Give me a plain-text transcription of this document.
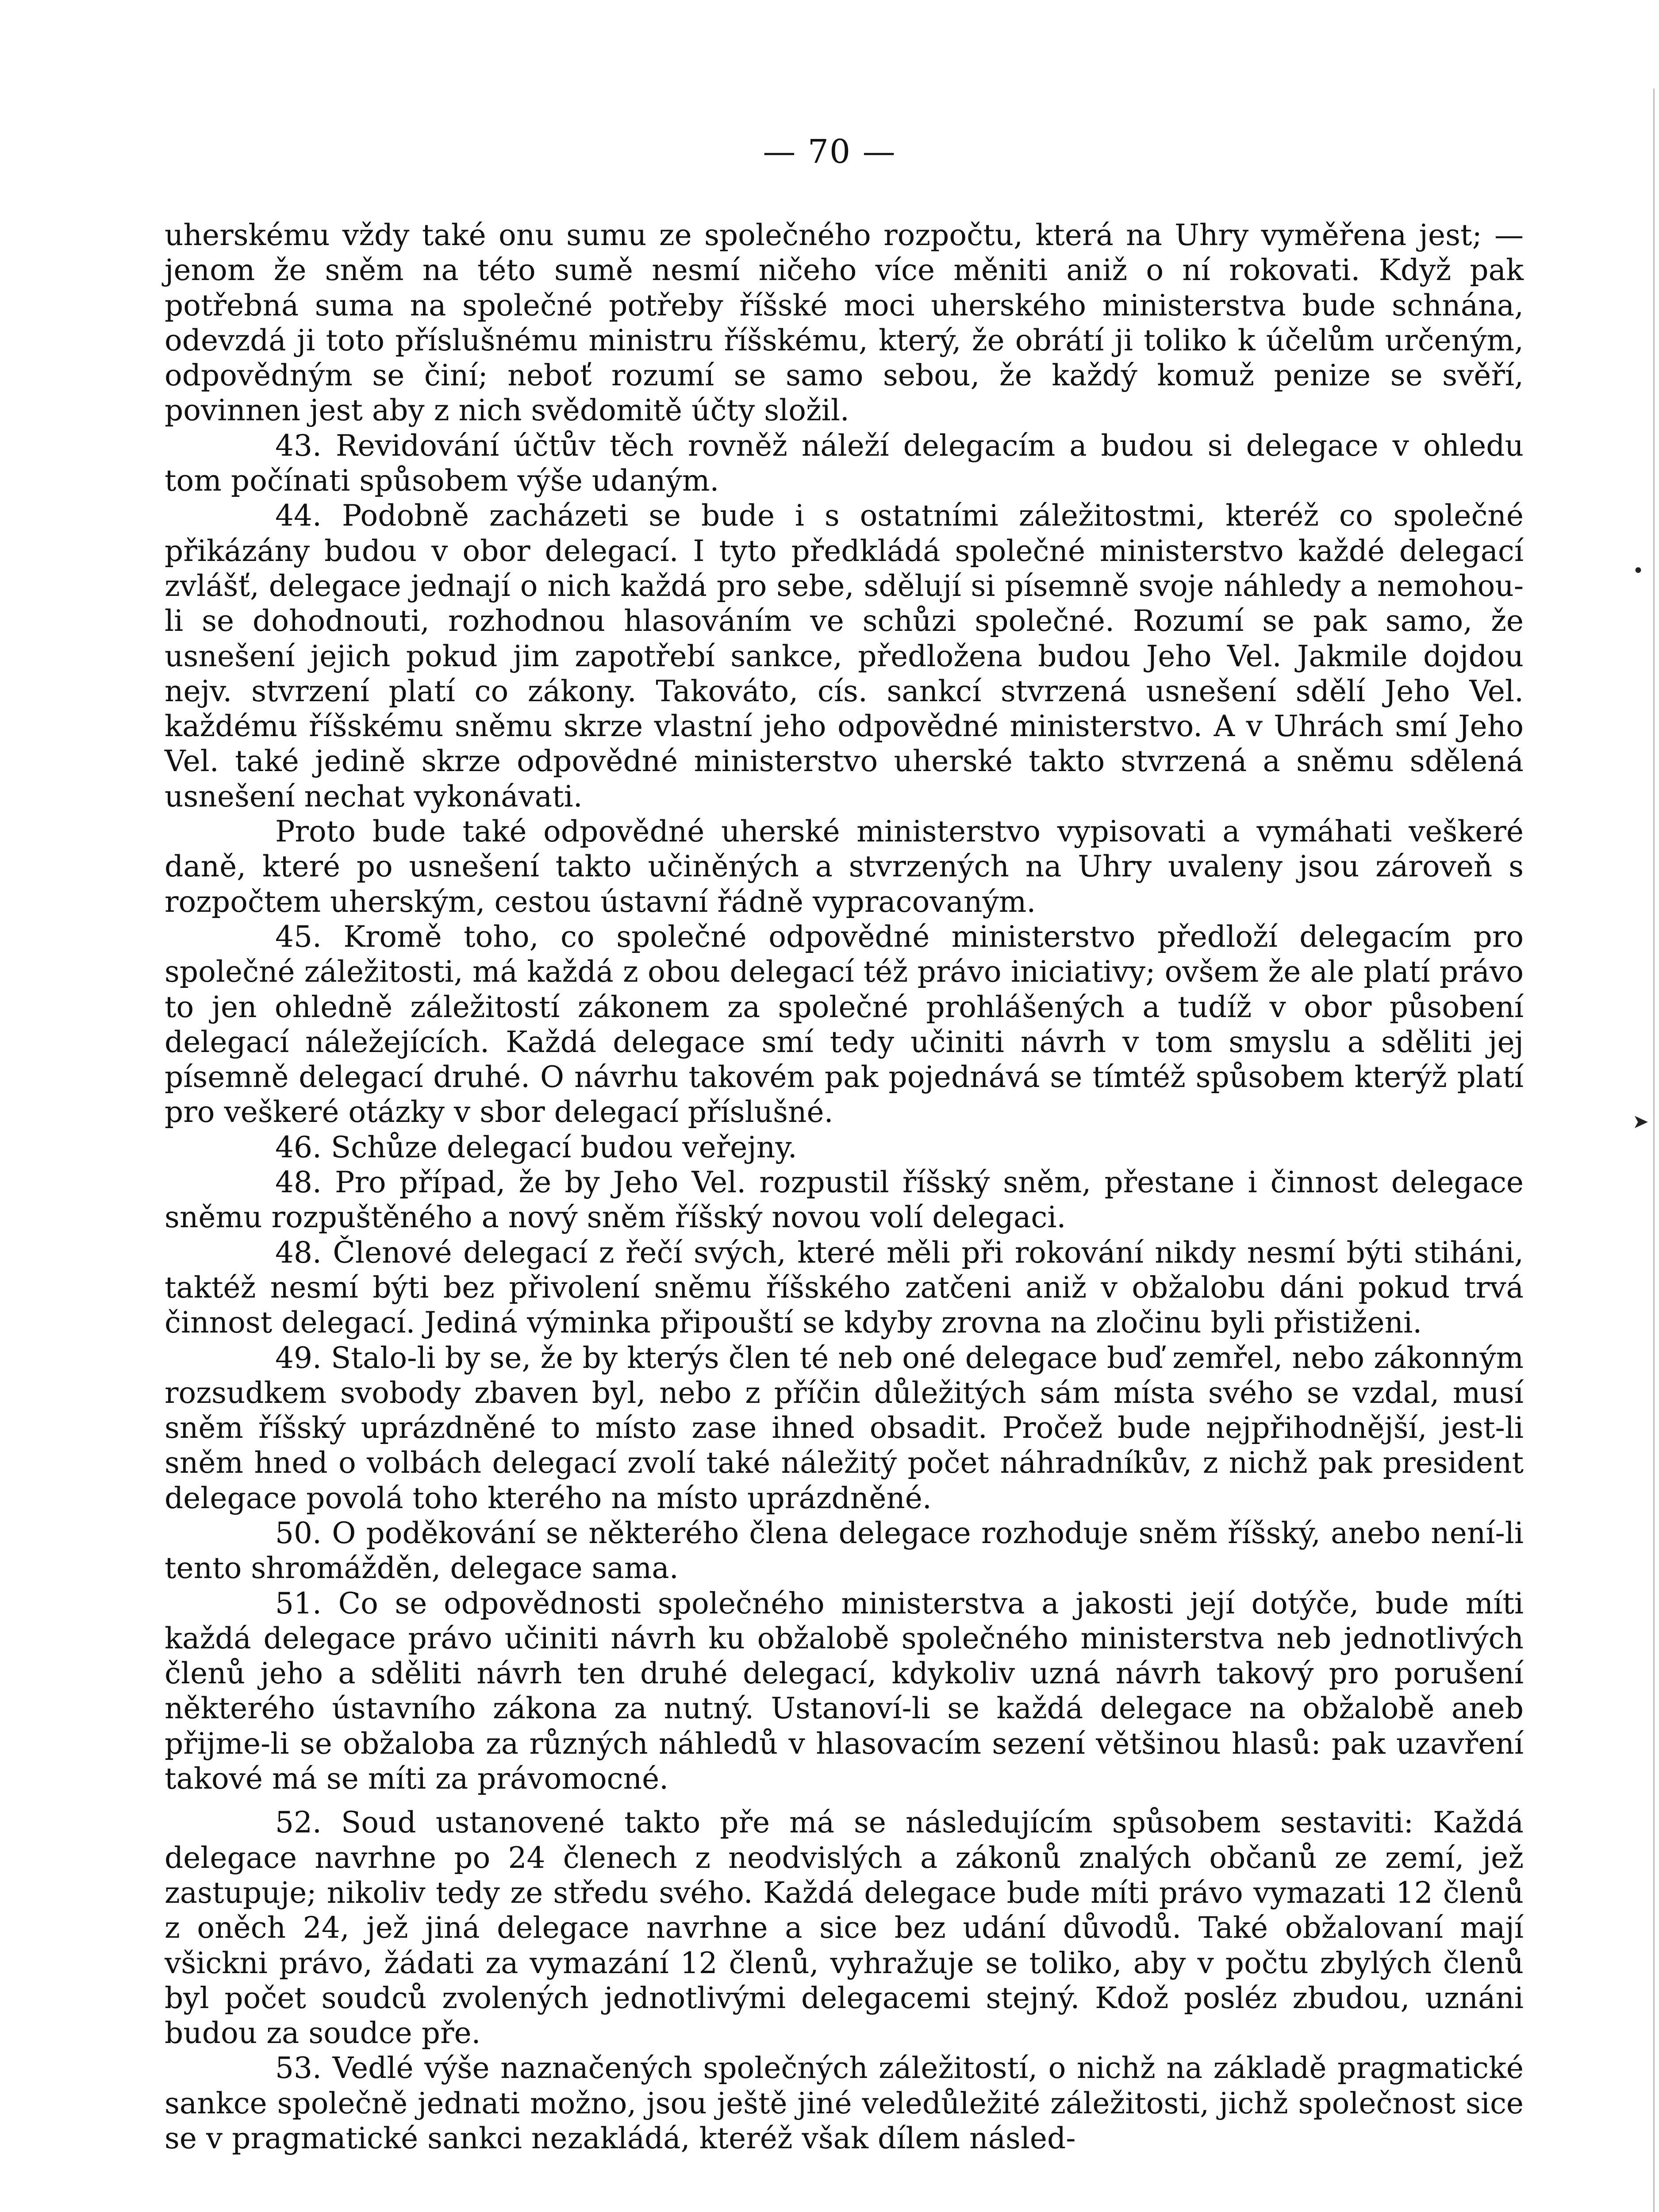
— 70 —

uherskému vždy také onu sumu ze společného rozpočtu, která na Uhry vyměřena jest; — jenom že sněm na této sumě nesmí ničeho více měniti aniž o ní rokovati. Když pak potřebná suma na společné potřeby říšské moci uherského ministerstva bude schnána, odevzdá ji toto příslušnému ministru říšskému, který, že obrátí ji toliko k účelům určeným, odpovědným se činí; neboť rozumí se samo sebou, že každý komuž penize se svěří, povinnen jest aby z nich svědomitě účty složil.

43. Revidování účtův těch rovněž náleží delegacím a budou si delegace v ohledu tom počínati spůsobem výše udaným.

44. Podobně zacházeti se bude i s ostatními záležitostmi, kteréž co společné přikázány budou v obor delegací. I tyto předkládá společné ministerstvo každé delegací zvlášť, delegace jednají o nich každá pro sebe, sdělují si písemně svoje náhledy a nemohou-li se dohodnouti, rozhodnou hlasováním ve schůzi společné. Rozumí se pak samo, že usnešení jejich pokud jim zapotřebí sankce, předložena budou Jeho Vel. Jakmile dojdou nejv. stvrzení platí co zákony. Takováto, cís. sankcí stvrzená usnešení sdělí Jeho Vel. každému říšskému sněmu skrze vlastní jeho odpovědné ministerstvo. A v Uhrách smí Jeho Vel. také jedině skrze odpovědné ministerstvo uherské takto stvrzená a sněmu sdělená usnešení nechat vykonávati.

Proto bude také odpovědné uherské ministerstvo vypisovati a vymáhati veškeré daně, které po usnešení takto učiněných a stvrzených na Uhry uvaleny jsou zároveň s rozpočtem uherským, cestou ústavní řádně vypracovaným.

45. Kromě toho, co společné odpovědné ministerstvo předloží delegacím pro společné záležitosti, má každá z obou delegací též právo iniciativy; ovšem že ale platí právo to jen ohledně záležitostí zákonem za společné prohlášených a tudíž v obor působení delegací náležejících. Každá delegace smí tedy učiniti návrh v tom smyslu a sděliti jej písemně delegací druhé. O návrhu takovém pak pojednává se tímtéž spůsobem kterýž platí pro veškeré otázky v sbor delegací příslušné.

46. Schůze delegací budou veřejny.

48. Pro případ, že by Jeho Vel. rozpustil říšský sněm, přestane i činnost delegace sněmu rozpuštěného a nový sněm říšský novou volí delegaci.

48. Členové delegací z řečí svých, které měli při rokování nikdy nesmí býti stiháni, taktéž nesmí býti bez přivolení sněmu říšského zatčeni aniž v obžalobu dáni pokud trvá činnost delegací. Jediná výminka připouští se kdyby zrovna na zločinu byli přistiženi.

49. Stalo-li by se, že by kterýs člen té neb oné delegace buď zemřel, nebo zákonným rozsudkem svobody zbaven byl, nebo z příčin důležitých sám místa svého se vzdal, musí sněm říšský uprázdněné to místo zase ihned obsadit. Pročež bude nejpřihodnější, jest-li sněm hned o volbách delegací zvolí také náležitý počet náhradníkův, z nichž pak president delegace povolá toho kterého na místo uprázdněné.

50. O poděkování se některého člena delegace rozhoduje sněm říšský, anebo není-li tento shromážděn, delegace sama.

51. Co se odpovědnosti společného ministerstva a jakosti její dotýče, bude míti každá delegace právo učiniti návrh ku obžalobě společného ministerstva neb jednotlivých členů jeho a sděliti návrh ten druhé delegací, kdykoliv uzná návrh takový pro porušení některého ústavního zákona za nutný. Ustanoví-li se každá delegace na obžalobě aneb přijme-li se obžaloba za různých náhledů v hlasovacím sezení většinou hlasů: pak uzavření takové má se míti za právomocné.

52. Soud ustanovené takto pře má se následujícím spůsobem sestaviti: Každá delegace navrhne po 24 členech z neodvislých a zákonů znalých občanů ze zemí, jež zastupuje; nikoliv tedy ze středu svého. Každá delegace bude míti právo vymazati 12 členů z oněch 24, jež jiná delegace navrhne a sice bez udání důvodů. Také obžalovaní mají všickni právo, žádati za vymazání 12 členů, vyhražuje se toliko, aby v počtu zbylých členů byl počet soudců zvolených jednotlivými delegacemi stejný. Kdož posléz zbudou, uznáni budou za soudce pře.

53. Vedlé výše naznačených společných záležitostí, o nichž na základě pragmatické sankce společně jednati možno, jsou ještě jiné veledůležité záležitosti, jichž společnost sice se v pragmatické sankci nezakládá, kteréž však dílem násled-

•
➤
